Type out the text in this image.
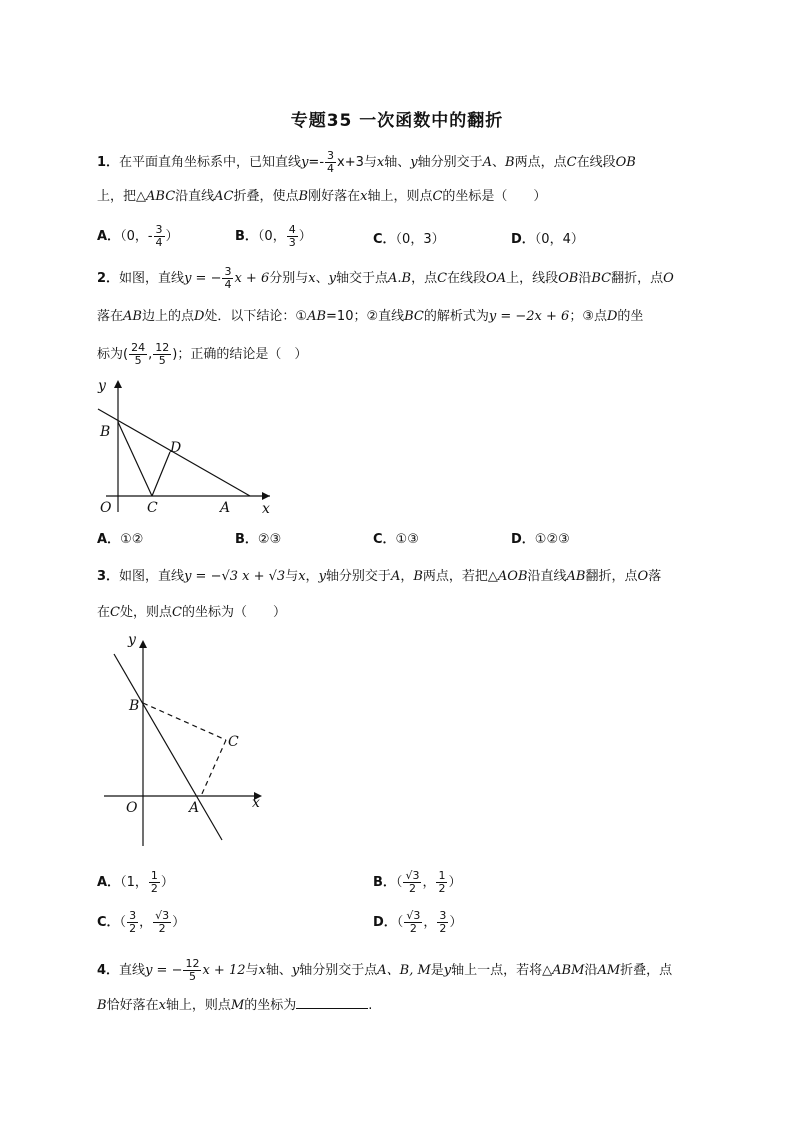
专题35 一次函数中的翻折
1．在平面直角坐标系中，已知直线$y=- \frac{3}{4} x+3$与x轴、y轴分别交于A、B两点，点C在线段OB
上，把△ABC沿直线AC折叠，使点B刚好落在x轴上，则点C的坐标是（　　）
A．（0，- $\frac{3}{4}$ ）	B．（0， $\frac{4}{3}$ ）	C．（0，3）	D．（0，4）
2．如图，直线y = − $\frac{3}{4}$ x + 6分别与x、y轴交于点A.B，点C在线段OA上，线段OB沿BC翻折，点O
落在AB边上的点D处．以下结论：①AB=10；②直线BC的解析式为y = −2x + 6；③点D的坐
标为( $\frac{24}{5}$ , $\frac{12}{5}$ )；正确的结论是（　）
y
B
D
O	C	A x
A．①②	B．②③	C．①③	D．①②③
3．如图，直线y = −√3 x + √3与x，y轴分别交于A，B两点，若把△AOB沿直线AB翻折，点O落
在C处，则点C的坐标为（　　）
y
B
C
O	A	x
A．（1， $\frac{1}{2}$ ）	B．（ $\frac{√3}{2}$ ， $\frac{1}{2}$ ）
C．（ $\frac{3}{2}$ ， $\frac{√3}{2}$ ）	D．（ $\frac{√3}{2}$ ， $\frac{3}{2}$ ）
4．直线y = − $\frac{12}{5}$ x + 12与x轴、y轴分别交于点A、B, M是y轴上一点，若将△ABM沿AM折叠，点
B恰好落在x轴上，则点M的坐标为	.
